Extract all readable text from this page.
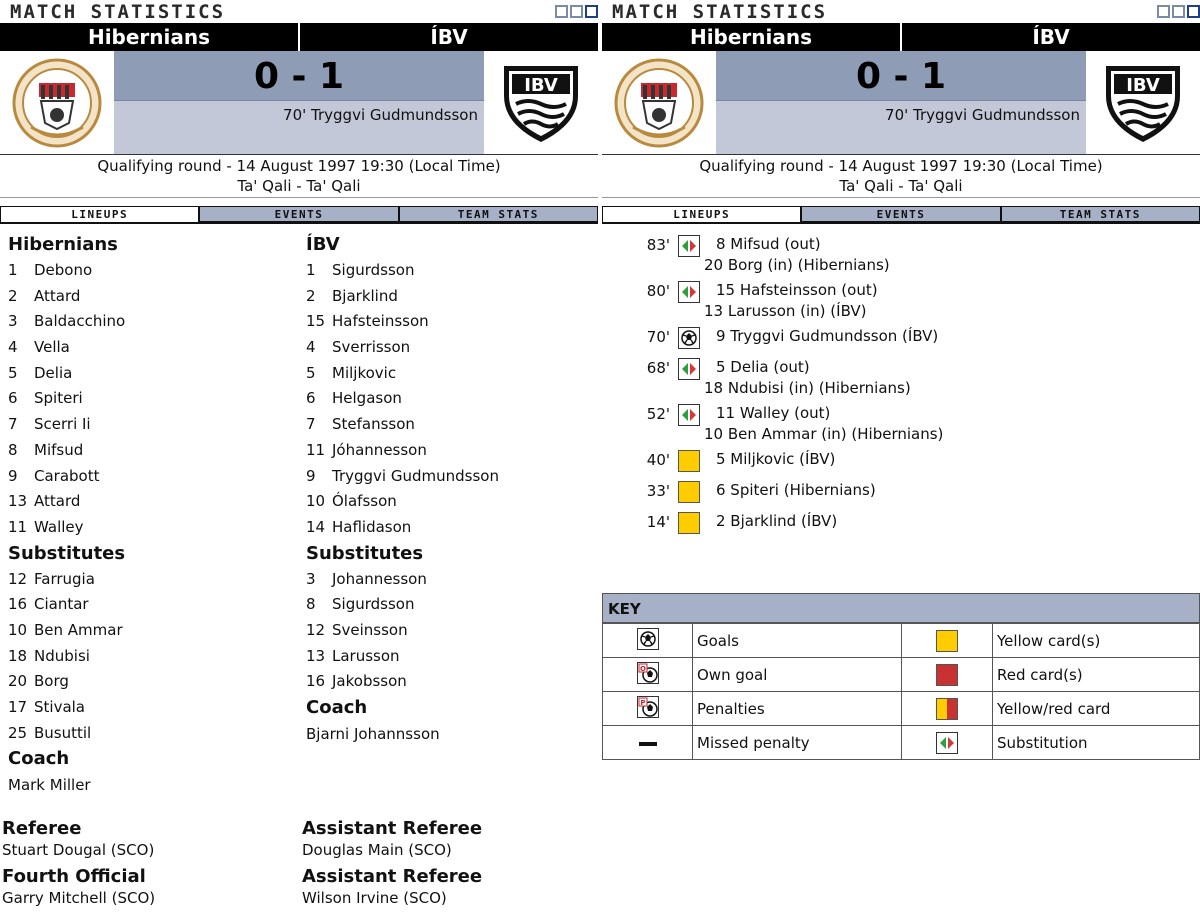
MATCH STATISTICS
Hibernians	ÍBV
0 - 1
70' Tryggvi Gudmundsson
IBV
Qualifying round - 14 August 1997 19:30 (Local Time)
Ta' Qali - Ta' Qali
LINEUPS	EVENTS	TEAM STATS
Hibernians
1	Debono
2	Attard
3	Baldacchino
4	Vella
5	Delia
6	Spiteri
7	Scerri Ii
8	Mifsud
9	Carabott
13 Attard
11 Walley
Substitutes
12 Farrugia
16 Ciantar
10 Ben Ammar
18 Ndubisi
20 Borg
17 Stivala
25 Busuttil
Coach
Mark Miller
ÍBV
1	Sigurdsson
2	Bjarklind
15 Hafsteinsson
4	Sverrisson
5	Miljkovic
6	Helgason
7	Stefansson
11 Jóhannesson
9	Tryggvi Gudmundsson
10 Ólafsson
14 Haflidason
Substitutes
3	Johannesson
8	Sigurdsson
12 Sveinsson
13 Larusson
16 Jakobsson
Coach
Bjarni Johannsson
Referee
Stuart Dougal (SCO)
Assistant Referee
Douglas Main (SCO)
Fourth Official
Garry Mitchell (SCO)
Assistant Referee
Wilson Irvine (SCO)
MATCH STATISTICS
Hibernians	ÍBV
0 - 1
70' Tryggvi Gudmundsson
IBV
Qualifying round - 14 August 1997 19:30 (Local Time)
Ta' Qali - Ta' Qali
LINEUPS	EVENTS	TEAM STATS
83'	8 Mifsud (out)
20 Borg (in) (Hibernians)
80'	15 Hafsteinsson (out)
13 Larusson (in) (ÍBV)
70'	9 Tryggvi Gudmundsson (ÍBV)
68'	5 Delia (out)
18 Ndubisi (in) (Hibernians)
52'	11 Walley (out)
10 Ben Ammar (in) (Hibernians)
40'	5 Miljkovic (ÍBV)
33'	6 Spiteri (Hibernians)
14'	2 Bjarklind (ÍBV)
KEY
	Goals		Yellow card(s)

O	Own goal		Red card(s)

P	Penalties		Yellow/red card
	Missed penalty		Substitution
